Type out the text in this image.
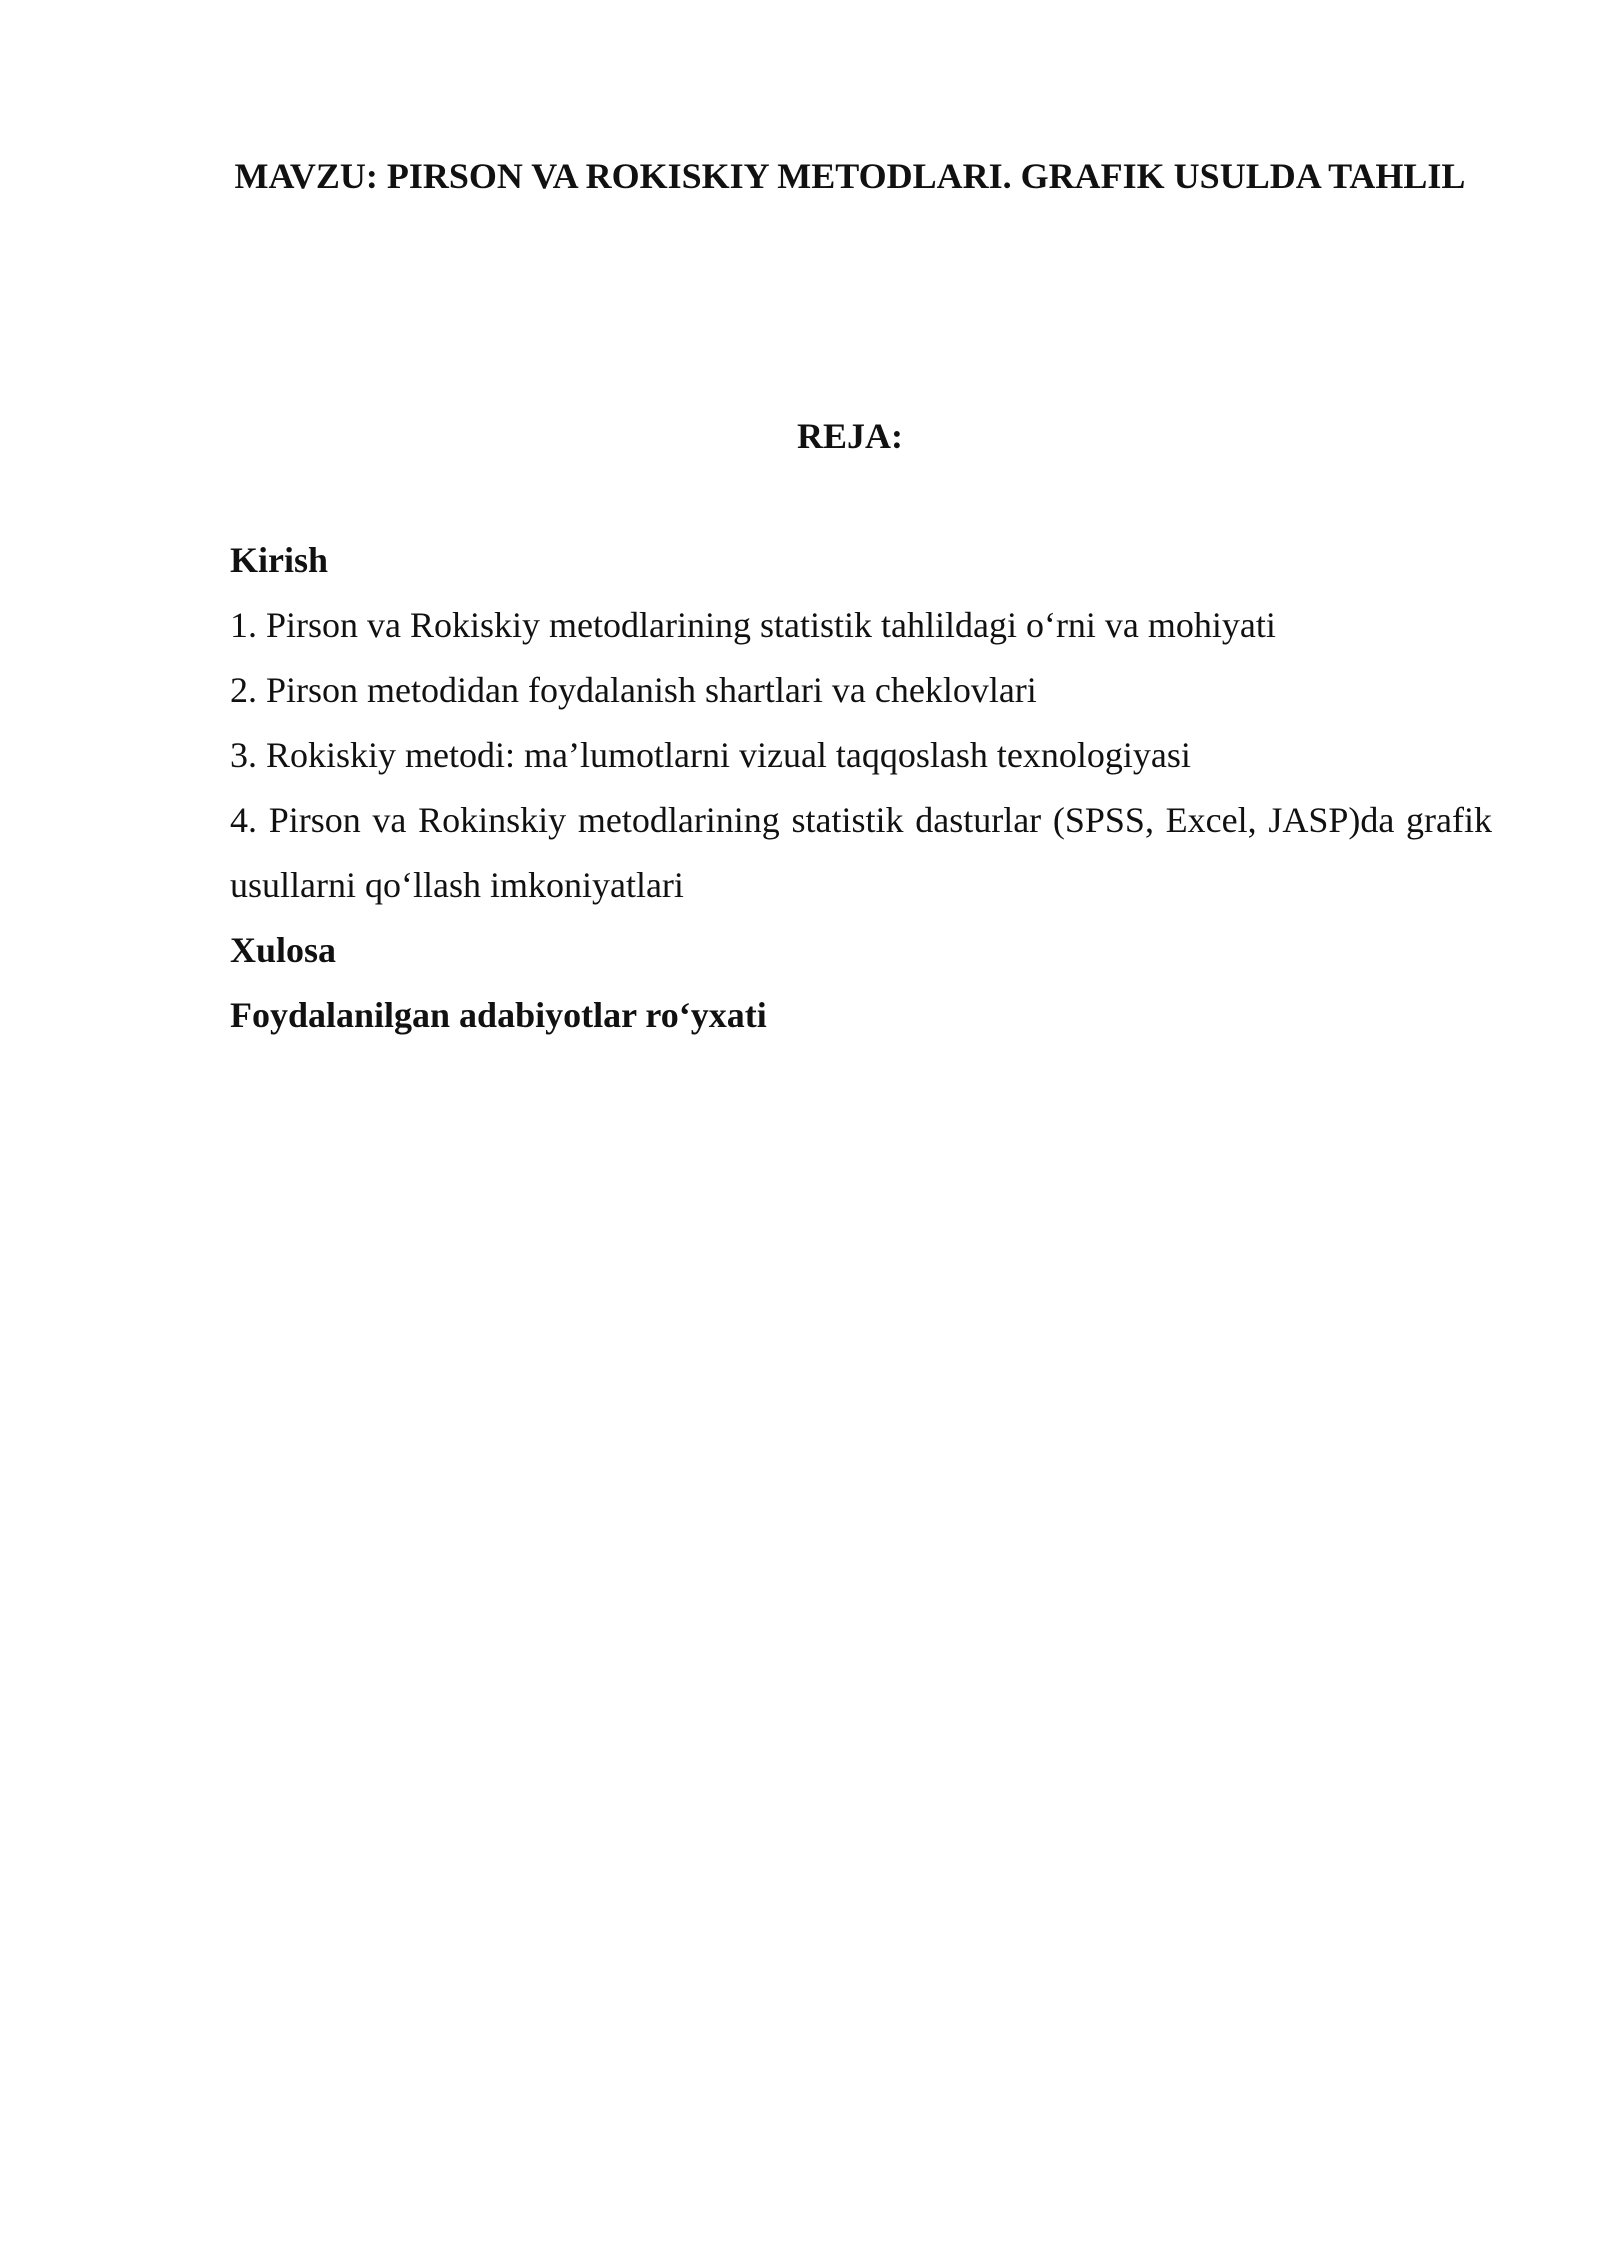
MAVZU: PIRSON VA ROKISKIY METODLARI. GRAFIK USULDA TAHLIL
REJA:

Kirish

1. Pirson va Rokiskiy metodlarining statistik tahlildagi o‘rni va mohiyati

2. Pirson metodidan foydalanish shartlari va cheklovlari

3. Rokiskiy metodi: ma’lumotlarni vizual taqqoslash texnologiyasi

4. Pirson va Rokinskiy metodlarining statistik dasturlar (SPSS, Excel, JASP)da grafik usullarni qo‘llash imkoniyatlari

Xulosa

Foydalanilgan adabiyotlar ro‘yxati
